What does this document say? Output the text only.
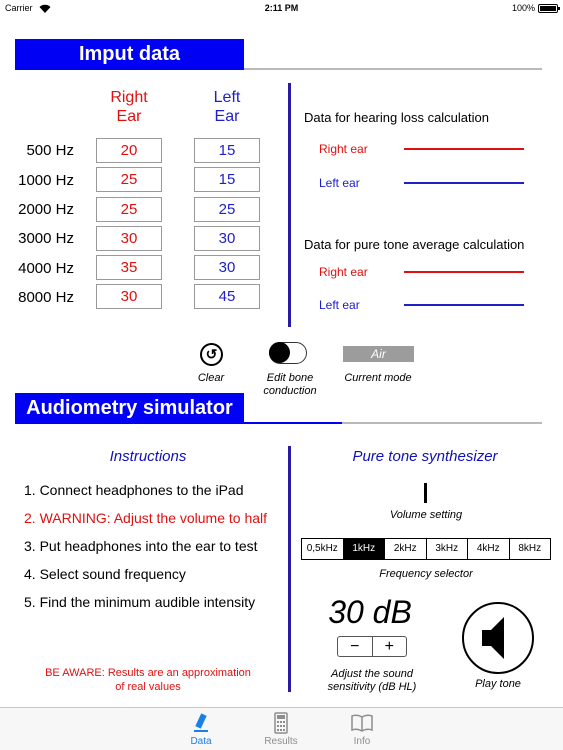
Carrier	2:11 PM	100%
Imput data
Right
Ear
Left
Ear
500 Hz	20	15
1000 Hz	25	15
2000 Hz	25	25
3000 Hz	30	30
4000 Hz	35	30
8000 Hz	30	45
Data for hearing loss calculation
Right ear
Left ear
Data for pure tone average calculation
Right ear
Left ear
↺
Clear	Edit bone
conduction
Air
Current mode
Audiometry simulator
Instructions
1. Connect headphones to the iPad
2. WARNING: Adjust the volume to half
3. Put headphones into the ear to test
4. Select sound frequency
5. Find the minimum audible intensity
BE AWARE: Results are an approximation
of real values
Pure tone synthesizer
Volume setting
0,5kHz	1kHz	2kHz	3kHz	4kHz	8kHz
Frequency selector
30 dB
−	+
Adjust the sound
sensitivity (dB HL)	Play tone
Data	Results	Info
